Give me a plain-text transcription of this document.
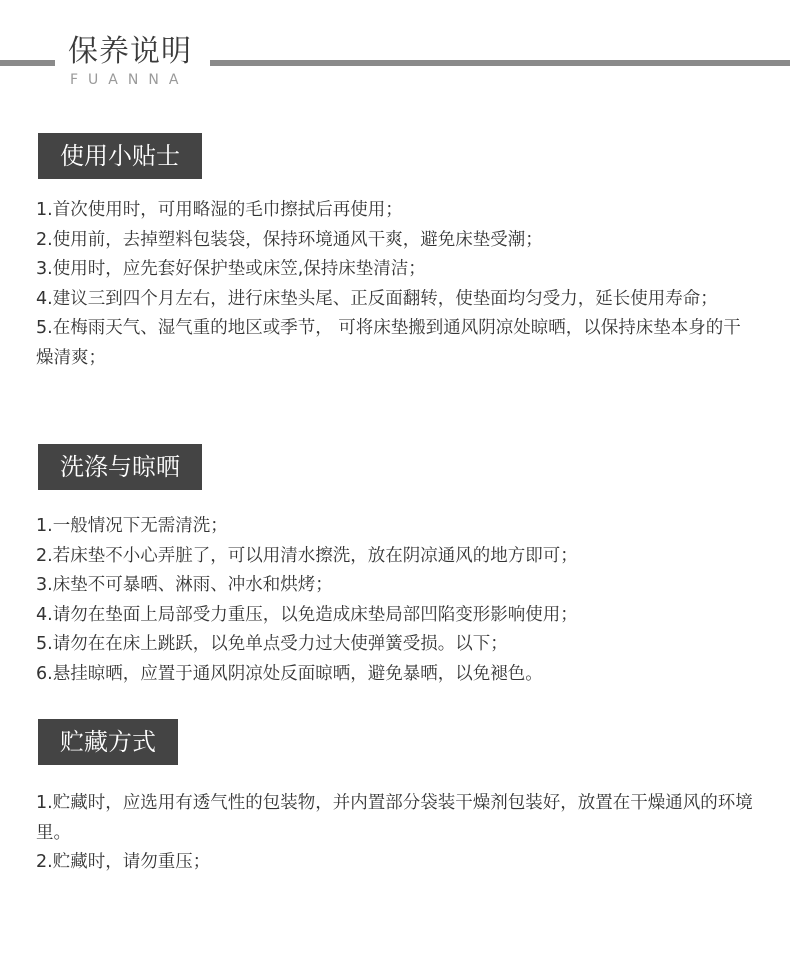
保养说明
FUANNA
使用小贴士
1.首次使用时，可用略湿的毛巾擦拭后再使用；
2.使用前，去掉塑料包装袋，保持环境通风干爽，避免床垫受潮；
3.使用时，应先套好保护垫或床笠,保持床垫清洁；
4.建议三到四个月左右，进行床垫头尾、正反面翻转，使垫面均匀受力，延长使用寿命；
5.在梅雨天气、湿气重的地区或季节， 可将床垫搬到通风阴凉处晾晒，以保持床垫本身的干燥清爽；
洗涤与晾晒
1.一般情况下无需清洗；
2.若床垫不小心弄脏了，可以用清水擦洗，放在阴凉通风的地方即可；
3.床垫不可暴晒、淋雨、冲水和烘烤；
4.请勿在垫面上局部受力重压，以免造成床垫局部凹陷变形影响使用；
5.请勿在在床上跳跃，以免单点受力过大使弹簧受损。以下；
6.悬挂晾晒，应置于通风阴凉处反面晾晒，避免暴晒，以免褪色。
贮藏方式
1.贮藏时，应选用有透气性的包装物，并内置部分袋装干燥剂包装好，放置在干燥通风的环境里。
2.贮藏时，请勿重压；
